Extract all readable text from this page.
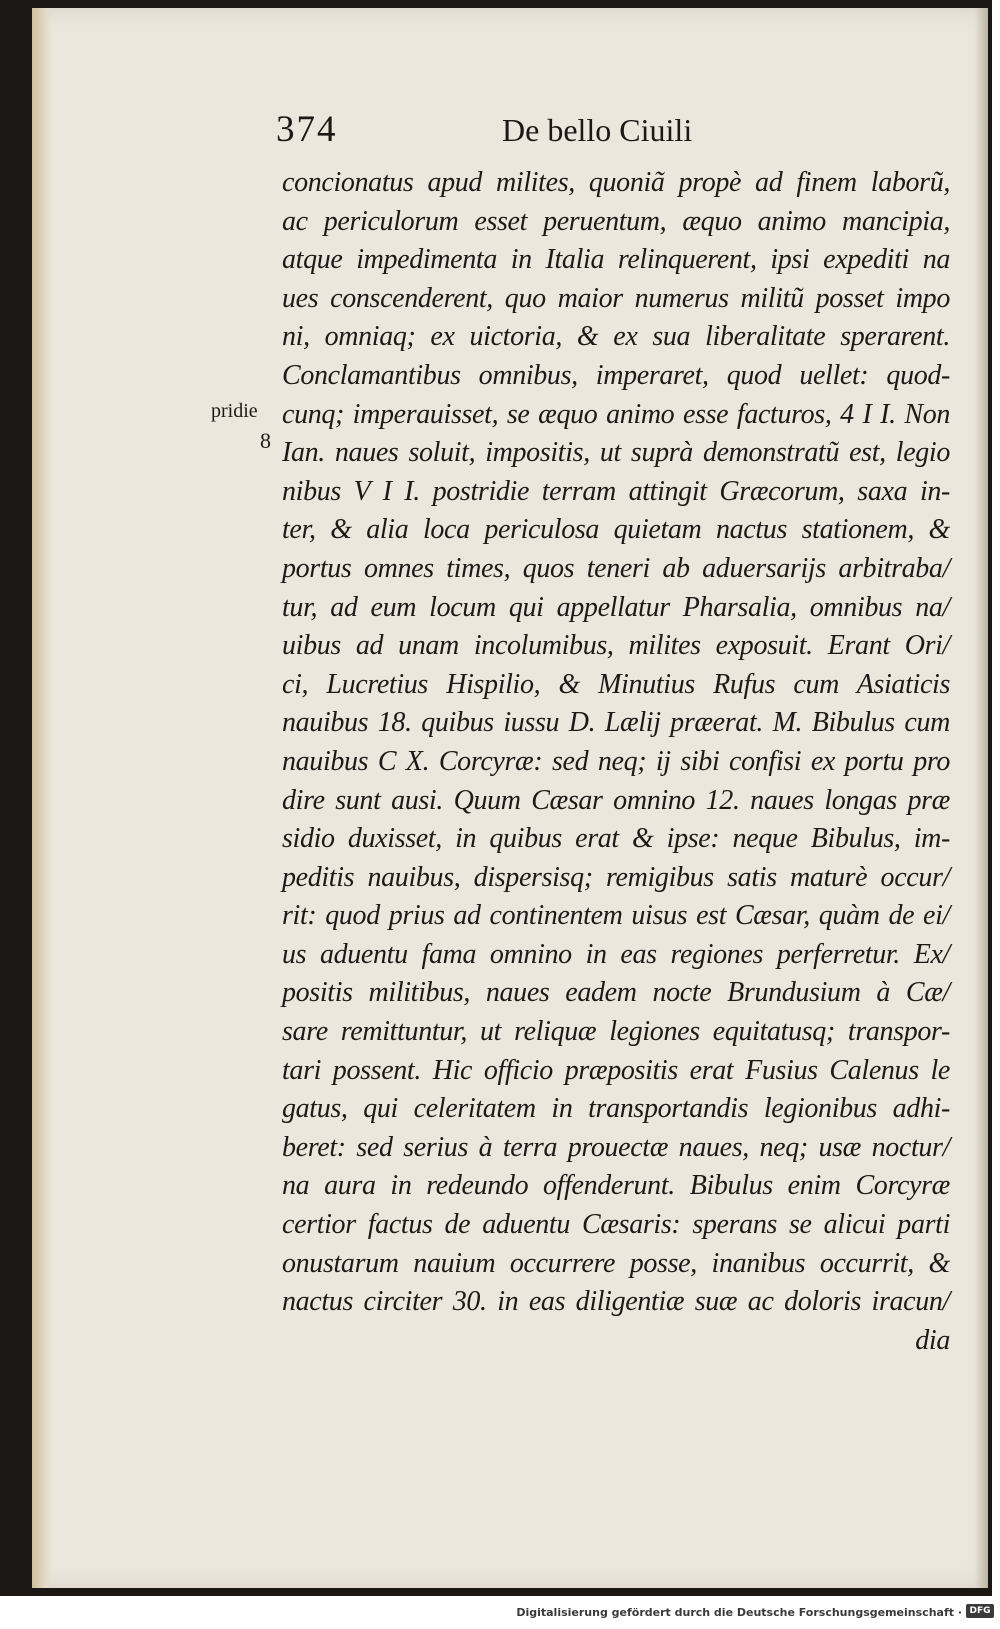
374	De bello Ciuili
pridie
8
concionatus apud milites, quoniã propè ad finem laborũ,
ac periculorum esset peruentum, æquo animo mancipia,
atque impedimenta in Italia relinquerent, ipsi expediti na
ues conscenderent, quo maior numerus militũ posset impo
ni, omniaq; ex uictoria, & ex sua liberalitate sperarent.
Conclamantibus omnibus, imperaret, quod uellet: quod-
cunq; imperauisset, se æquo animo esse facturos, 4 I I. Non
Ian. naues soluit, impositis, ut suprà demonstratũ est, legio
nibus V I I. postridie terram attingit Græcorum, saxa in-
ter, & alia loca periculosa quietam nactus stationem, &
portus omnes times, quos teneri ab aduersarijs arbitraba/
tur, ad eum locum qui appellatur Pharsalia, omnibus na/
uibus ad unam incolumibus, milites exposuit. Erant Ori/
ci, Lucretius Hispilio, & Minutius Rufus cum Asiaticis
nauibus 18. quibus iussu D. Lælij præerat. M. Bibulus cum
nauibus C X. Corcyræ: sed neq; ij sibi confisi ex portu pro
dire sunt ausi. Quum Cæsar omnino 12. naues longas præ
sidio duxisset, in quibus erat & ipse: neque Bibulus, im-
peditis nauibus, dispersisq; remigibus satis maturè occur/
rit: quod prius ad continentem uisus est Cæsar, quàm de ei/
us aduentu fama omnino in eas regiones perferretur. Ex/
positis militibus, naues eadem nocte Brundusium à Cæ/
sare remittuntur, ut reliquæ legiones equitatusq; transpor-
tari possent. Hic officio præpositis erat Fusius Calenus le
gatus, qui celeritatem in transportandis legionibus adhi-
beret: sed serius à terra prouectæ naues, neq; usæ noctur/
na aura in redeundo offenderunt. Bibulus enim Corcyræ
certior factus de aduentu Cæsaris: sperans se alicui parti
onustarum nauium occurrere posse, inanibus occurrit, &
nactus circiter 30. in eas diligentiæ suæ ac doloris iracun/
dia
Digitalisierung gefördert durch die Deutsche Forschungsgemeinschaft · DFG
